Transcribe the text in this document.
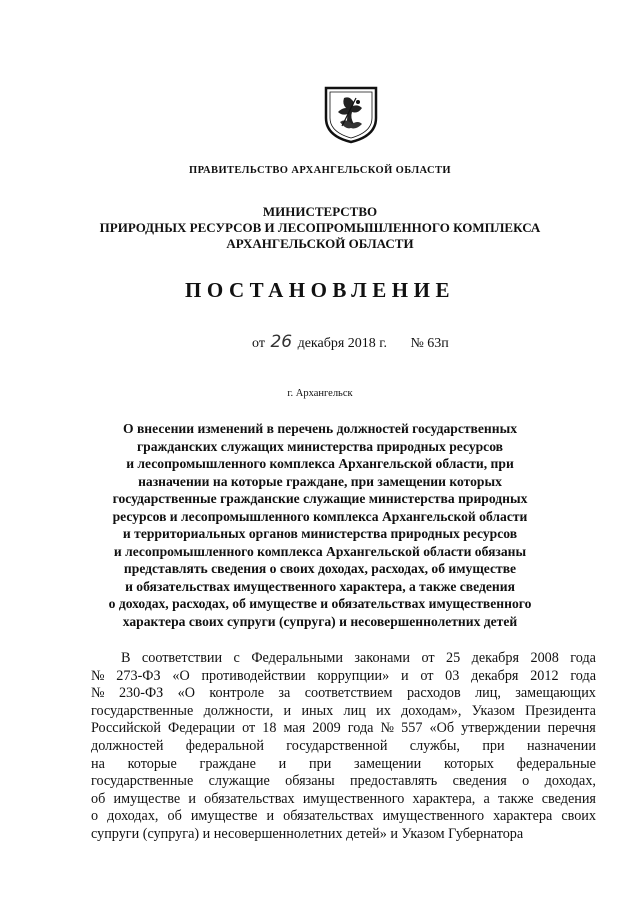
ПРАВИТЕЛЬСТВО АРХАНГЕЛЬСКОЙ ОБЛАСТИ
МИНИСТЕРСТВО
ПРИРОДНЫХ РЕСУРСОВ И ЛЕСОПРОМЫШЛЕННОГО КОМПЛЕКСА
АРХАНГЕЛЬСКОЙ ОБЛАСТИ
ПОСТАНОВЛЕНИЕ
от 26 декабря 2018 г. № 63п
г. Архангельск
О внесении изменений в перечень должностей государственных
гражданских служащих министерства природных ресурсов
и лесопромышленного комплекса Архангельской области, при
назначении на которые граждане, при замещении которых
государственные гражданские служащие министерства природных
ресурсов и лесопромышленного комплекса Архангельской области
и территориальных органов министерства природных ресурсов
и лесопромышленного комплекса Архангельской области обязаны
представлять сведения о своих доходах, расходах, об имуществе
и обязательствах имущественного характера, а также сведения
о доходах, расходах, об имуществе и обязательствах имущественного
характера своих супруги (супруга) и несовершеннолетних детей
В соответствии с Федеральными законами от 25 декабря 2008 года
№ 273-ФЗ «О противодействии коррупции» и от 03 декабря 2012 года
№ 230-ФЗ «О контроле за соответствием расходов лиц, замещающих
государственные должности, и иных лиц их доходам», Указом Президента
Российской Федерации от 18 мая 2009 года № 557 «Об утверждении перечня
должностей федеральной государственной службы, при назначении
на которые граждане и при замещении которых федеральные
государственные служащие обязаны предоставлять сведения о доходах,
об имуществе и обязательствах имущественного характера, а также сведения
о доходах, об имуществе и обязательствах имущественного характера своих
супруги (супруга) и несовершеннолетних детей» и Указом Губернатора
